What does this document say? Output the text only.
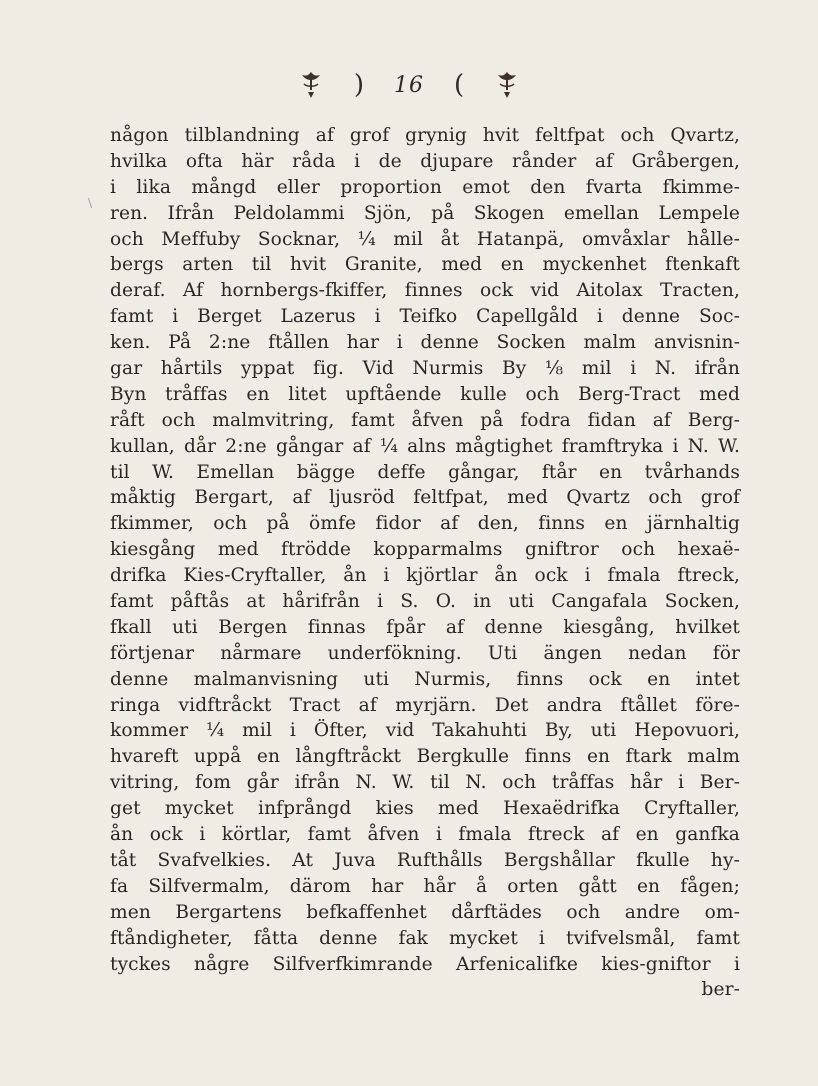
) 16 (
någon tilblandning af grof grynig hvit feltfpat och Qvartz,
hvilka ofta här råda i de djupare rånder af Gråbergen,
i lika mångd eller proportion emot den fvarta fkimme-
ren. Ifrån Peldolammi Sjön, på Skogen emellan Lempele
och Meffuby Socknar, ¼ mil åt Hatanpä, omvåxlar hålle-
bergs arten til hvit Granite, med en myckenhet ftenkaft
deraf. Af hornbergs-fkiffer, finnes ock vid Aitolax Tracten,
famt i Berget Lazerus i Teifko Capellgåld i denne Soc-
ken. På 2:ne ftållen har i denne Socken malm anvisnin-
gar hårtils yppat fig. Vid Nurmis By ⅛ mil i N. ifrån
Byn tråffas en litet upftående kulle och Berg-Tract med
råft och malmvitring, famt åfven på fodra fidan af Berg-
kullan, dår 2:ne gångar af ¼ alns mågtighet framftryka i N. W.
til W. Emellan bägge deffe gångar, ftår en tvårhands
måktig Bergart, af ljusröd feltfpat, med Qvartz och grof
fkimmer, och på ömfe fidor af den, finns en järnhaltig
kiesgång med ftrödde kopparmalms gniftror och hexaë-
drifka Kies-Cryftaller, ån i kjörtlar ån ock i fmala ftreck,
famt påftås at hårifrån i S. O. in uti Cangafala Socken,
fkall uti Bergen finnas fpår af denne kiesgång, hvilket
förtjenar nårmare underfökning. Uti ängen nedan för
denne malmanvisning uti Nurmis, finns ock en intet
ringa vidftråckt Tract af myrjärn. Det andra ftållet före-
kommer ¼ mil i Öfter, vid Takahuhti By, uti Hepovuori,
hvareft uppå en långftråckt Bergkulle finns en ftark malm
vitring, fom går ifrån N. W. til N. och tråffas hår i Ber-
get mycket infprångd kies med Hexaëdrifka Cryftaller,
ån ock i körtlar, famt åfven i fmala ftreck af en ganfka
tåt Svafvelkies. At Juva Rufthålls Bergshållar fkulle hy-
fa Silfvermalm, därom har hår å orten gått en fågen;
men Bergartens befkaffenhet dårftädes och andre om-
ftåndigheter, fåtta denne fak mycket i tvifvelsmål, famt
tyckes någre Silfverfkimrande Arfenicalifke kies-gniftor i
ber-
\
